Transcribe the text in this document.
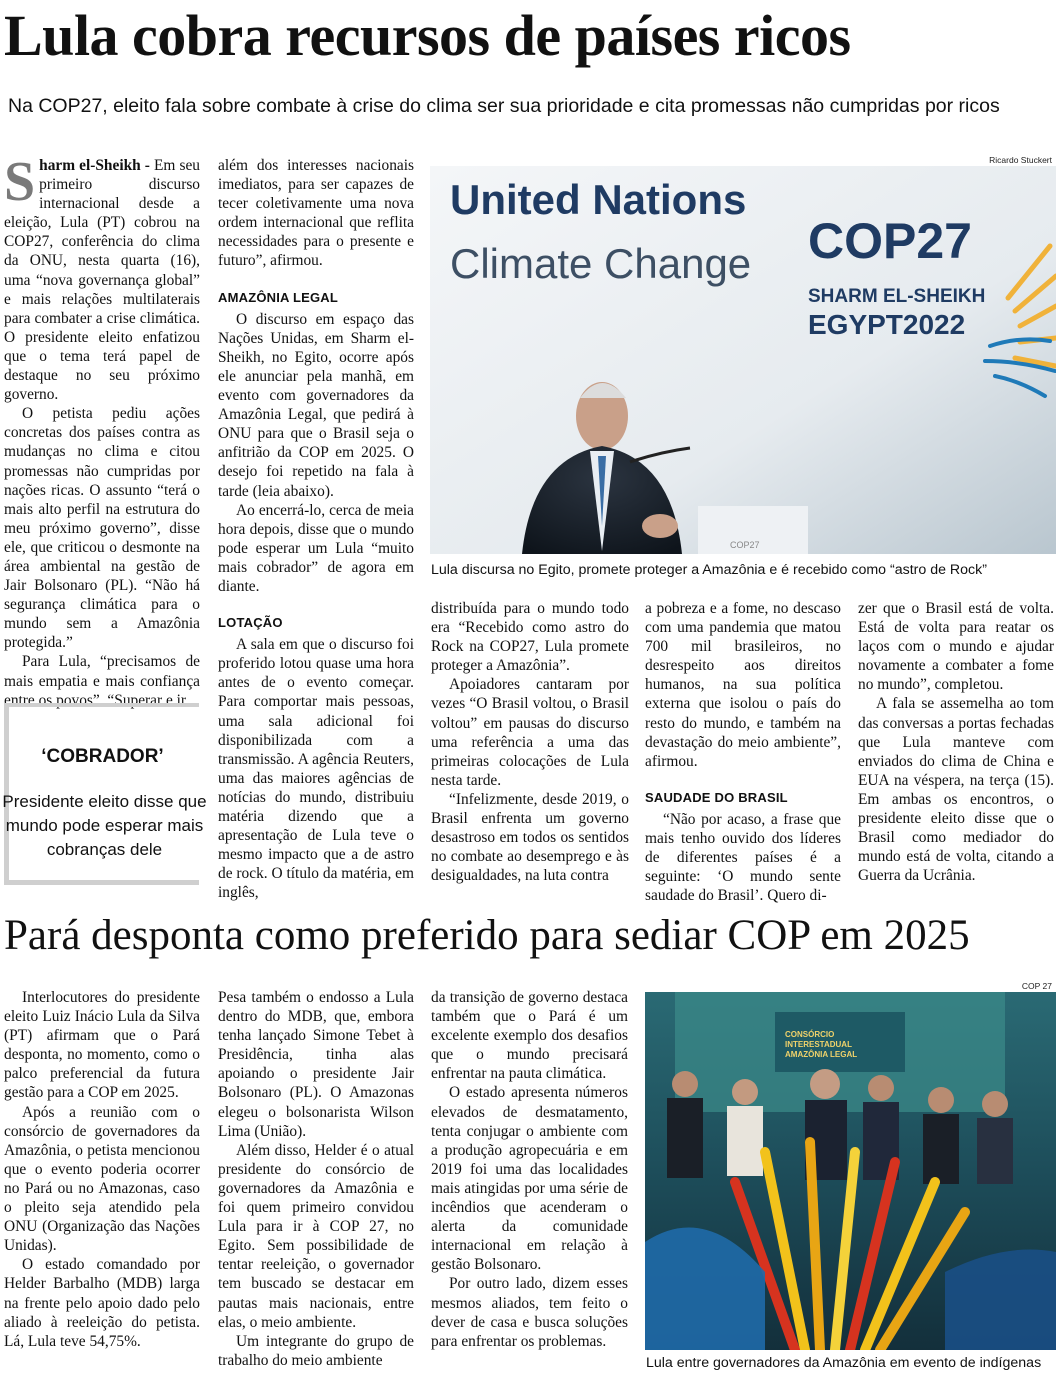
Lula cobra recursos de países ricos
Na COP27, eleito fala sobre combate à crise do clima ser sua prioridade e cita promessas não cumpridas por ricos

Sharm el-Sheikh - Em seu primeiro discurso internacional desde a eleição, Lula (PT) cobrou na COP27, conferência do clima da ONU, nesta quarta (16), uma “nova governança global” e mais relações multilaterais para combater a crise climática. O presidente eleito enfatizou que o tema terá papel de destaque no seu próximo governo.

O petista pediu ações concretas dos países contra as mudanças no clima e citou promessas não cumpridas por nações ricas. O assunto “terá o mais alto perfil na estrutura do meu próximo governo”, disse ele, que criticou o desmonte na área ambiental na gestão de Jair Bolsonaro (PL). “Não há segurança climática para o mundo sem a Amazônia protegida.”

Para Lula, “precisamos de mais empatia e mais confiança entre os povos”. “Superar e ir

‘COBRADOR’
Presidente eleito disse que mundo pode esperar mais cobranças dele

além dos interesses nacionais imediatos, para ser capazes de tecer coletivamente uma nova ordem internacional que reflita necessidades para o presente e futuro”, afirmou.

AMAZÔNIA LEGAL

O discurso em espaço das Nações Unidas, em Sharm el-Sheikh, no Egito, ocorre após ele anunciar pela manhã, em evento com governadores da Amazônia Legal, que pedirá à ONU para que o Brasil seja o anfitrião da COP em 2025. O desejo foi repetido na fala à tarde (leia abaixo).

Ao encerrá-lo, cerca de meia hora depois, disse que o mundo pode esperar um Lula “muito mais cobrador” de agora em diante.

LOTAÇÃO

A sala em que o discurso foi proferido lotou quase uma hora antes de o evento começar. Para comportar mais pessoas, uma sala adicional foi disponibilizada com a transmissão. A agência Reuters, uma das maiores agências de notícias do mundo, distribuiu matéria dizendo que a apresentação de Lula teve o mesmo impacto que a de astro de rock. O título da matéria, em inglês,

Ricardo Stuckert
United Nations
Climate Change COP27
SHARM EL-SHEIKH
EGYPT2022
COP27
Lula discursa no Egito, promete proteger a Amazônia e é recebido como “astro de Rock”

distribuída para o mundo todo era “Recebido como astro do Rock na COP27, Lula promete proteger a Amazônia”.

Apoiadores cantaram por vezes “O Brasil voltou, o Brasil voltou” em pausas do discurso uma referência a uma das primeiras colocações de Lula nesta tarde.

“Infelizmente, desde 2019, o Brasil enfrenta um governo desastroso em todos os sentidos no combate ao desemprego e às desigualdades, na luta contra

a pobreza e a fome, no descaso com uma pandemia que matou 700 mil brasileiros, no desrespeito aos direitos humanos, na sua política externa que isolou o país do resto do mundo, e também na devastação do meio ambiente”, afirmou.

SAUDADE DO BRASIL

“Não por acaso, a frase que mais tenho ouvido dos líderes de diferentes países é a seguinte: ‘O mundo sente saudade do Brasil’. Quero di-

zer que o Brasil está de volta. Está de volta para reatar os laços com o mundo e ajudar novamente a combater a fome no mundo”, completou.

A fala se assemelha ao tom das conversas a portas fechadas que Lula manteve com enviados do clima de China e EUA na véspera, na terça (15). Em ambas os encontros, o presidente eleito disse que o Brasil como mediador do mundo está de volta, citando a Guerra da Ucrânia.

Pará desponta como preferido para sediar COP em 2025

Interlocutores do presidente eleito Luiz Inácio Lula da Silva (PT) afirmam que o Pará desponta, no momento, como o palco preferencial da futura gestão para a COP em 2025.

Após a reunião com o consórcio de governadores da Amazônia, o petista mencionou que o evento poderia ocorrer no Pará ou no Amazonas, caso o pleito seja atendido pela ONU (Organização das Nações Unidas).

O estado comandado por Helder Barbalho (MDB) larga na frente pelo apoio dado pelo aliado à reeleição do petista. Lá, Lula teve 54,75%.

Pesa também o endosso a Lula dentro do MDB, que, embora tenha lançado Simone Tebet à Presidência, tinha alas apoiando o presidente Jair Bolsonaro (PL). O Amazonas elegeu o bolsonarista Wilson Lima (União).

Além disso, Helder é o atual presidente do consórcio de governadores da Amazônia e foi quem primeiro convidou Lula para ir à COP 27, no Egito. Sem possibilidade de tentar reeleição, o governador tem buscado se destacar em pautas mais nacionais, entre elas, o meio ambiente.

Um integrante do grupo de trabalho do meio ambiente

da transição de governo destaca também que o Pará é um excelente exemplo dos desafios que o mundo precisará enfrentar na pauta climática.

O estado apresenta números elevados de desmatamento, tenta conjugar o ambiente com a produção agropecuária e em 2019 foi uma das localidades mais atingidas por uma série de incêndios que acenderam o alerta da comunidade internacional em relação à gestão Bolsonaro.

Por outro lado, dizem esses mesmos aliados, tem feito o dever de casa e busca soluções para enfrentar os problemas.

COP 27
CONSÓRCIO INTERESTADUAL AMAZÔNIA LEGAL
Lula entre governadores da Amazônia em evento de indígenas
